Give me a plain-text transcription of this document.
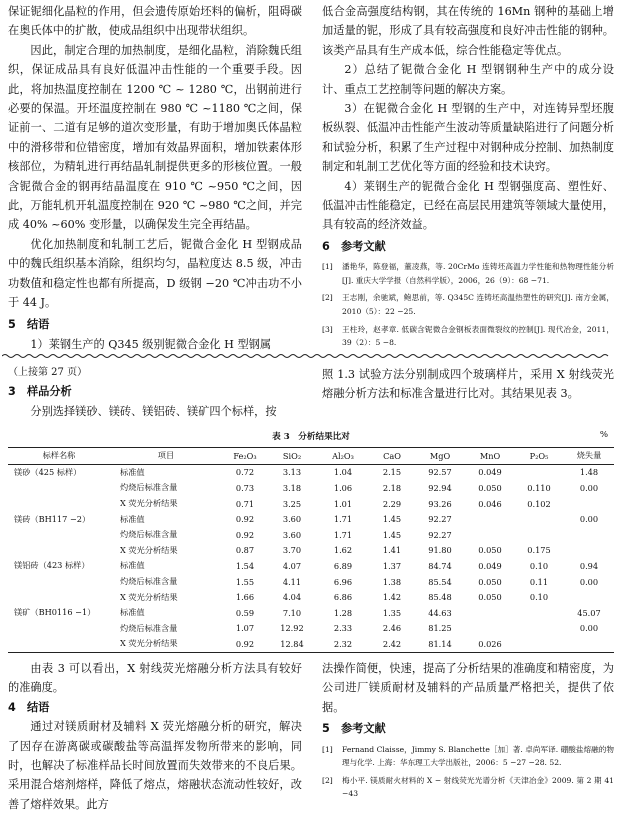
保证铌细化晶粒的作用，但会遗传原始坯料的偏析，阻碍碳在奥氏体中的扩散，使成品组织中出现带状组织。

因此，制定合理的加热制度，是细化晶粒，消除魏氏组织，保证成品具有良好低温冲击性能的一个重要手段。因此，将加热温度控制在 1200 ℃ ~ 1280 ℃，出钢前进行必要的保温。开坯温度控制在 980 ℃ ~1180 ℃之间，保证前一、二道有足够的道次变形量，有助于增加奥氏体晶粒中的滑移带和位错密度，增加有效晶界面积，增加铁素体形核部位，为精轧进行再结晶轧制提供更多的形核位置。一般含铌微合金的钢再结晶温度在 910 ℃ ~950 ℃之间，因此，万能轧机开轧温度控制在 920 ℃ ~980 ℃之间，并完成 40% ~60% 变形量，以确保发生完全再结晶。

优化加热制度和轧制工艺后，铌微合金化 H 型钢成品中的魏氏组织基本消除，组织均匀，晶粒度达 8.5 级，冲击功数值和稳定性也都有所提高，D 级钢 −20 ℃冲击功不小于 44 J。

5　结语

1）莱钢生产的 Q345 级别铌微合金化 H 型钢属

低合金高强度结构钢，其在传统的 16Mn 钢种的基础上增加适量的铌，形成了具有较高强度和良好冲击性能的钢种。该类产品具有生产成本低，综合性能稳定等优点。

2）总结了铌微合金化 H 型钢钢种生产中的成分设计、重点工艺控制等问题的解决方案。

3）在铌微合金化 H 型钢的生产中，对连铸异型坯腹板纵裂、低温冲击性能产生波动等质量缺陷进行了问题分析和试验分析，积累了生产过程中对钢种成分控制、加热制度制定和轧制工艺优化等方面的经验和技术诀窍。

4）莱钢生产的铌微合金化 H 型钢强度高、塑性好、低温冲击性能稳定，已经在高层民用建筑等领域大量使用，具有较高的经济效益。

6　参考文献

[1]	潘艳华，陈登福，董凌燕，等. 20CrMo 连铸坯高温力学性能和热物理性能分析 [J]. 重庆大学学报（自然科学版），2006，26（9）：68 −71.
[2]	王志刚，余驰斌，鲍思前，等. Q345C 连铸坯高温热塑性的研究[J]. 南方金属，2010（5）：22 −25.
[3]	王柱玲，赵孝章. 低碳含铌微合金钢板表面微裂纹的控制[J]. 现代冶金，2011，39（2）：5 −8.

（上接第 27 页）

3　样品分析

分别选择镁砂、镁砖、镁铝砖、镁矿四个标样，按

照 1.3 试验方法分别制成四个玻璃样片，采用 X 射线荧光熔融分析方法和标准含量进行比对。其结果见表 3。

表 3　分析结果比对	%
标样名称	项目	Fe₂O₃	SiO₂	Al₂O₃	CaO	MgO	MnO	P₂O₅	烧失量
镁砂（425 标样）	标准值	0.72	3.13	1.04	2.15	92.57	0.049		1.48
	灼烧后标准含量	0.73	3.18	1.06	2.18	92.94	0.050	0.110	0.00
	X 荧光分析结果	0.71	3.25	1.01	2.29	93.26	0.046	0.102	
镁砖（BH117 −2）	标准值	0.92	3.60	1.71	1.45	92.27			0.00
	灼烧后标准含量	0.92	3.60	1.71	1.45	92.27			
	X 荧光分析结果	0.87	3.70	1.62	1.41	91.80	0.050	0.175	
镁铝砖（423 标样）	标准值	1.54	4.07	6.89	1.37	84.74	0.049	0.10	0.94
	灼烧后标准含量	1.55	4.11	6.96	1.38	85.54	0.050	0.11	0.00
	X 荧光分析结果	1.66	4.04	6.86	1.42	85.48	0.050	0.10	
镁矿（BH0116 −1）	标准值	0.59	7.10	1.28	1.35	44.63			45.07
	灼烧后标准含量	1.07	12.92	2.33	2.46	81.25			0.00
	X 荧光分析结果	0.92	12.84	2.32	2.42	81.14	0.026		

由表 3 可以看出，X 射线荧光熔融分析方法具有较好的准确度。

4　结语

通过对镁质耐材及辅料 X 荧光熔融分析的研究，解决了因存在游离碳或碳酸盐等高温挥发物所带来的影响，同时，也解决了标准样品长时间放置而失效带来的不良后果。采用混合熔剂熔样，降低了熔点，熔融状态流动性较好，改善了熔样效果。此方

法操作简便，快速，提高了分析结果的准确度和精密度，为公司进厂镁质耐材及辅料的产品质量严格把关，提供了依据。

5　参考文献

[1]	Fernand Claisse，Jimmy S. Blanchette［加］著. 卓尚军译. 硼酸盐熔融的物理与化学. 上海：华东理工大学出版社，2006：5 −27 −28. 52.
[2]	梅小平. 镁质耐火材料的 X − 射线荧光光谱分析《天津冶金》2009. 第 2 期 41 −43
